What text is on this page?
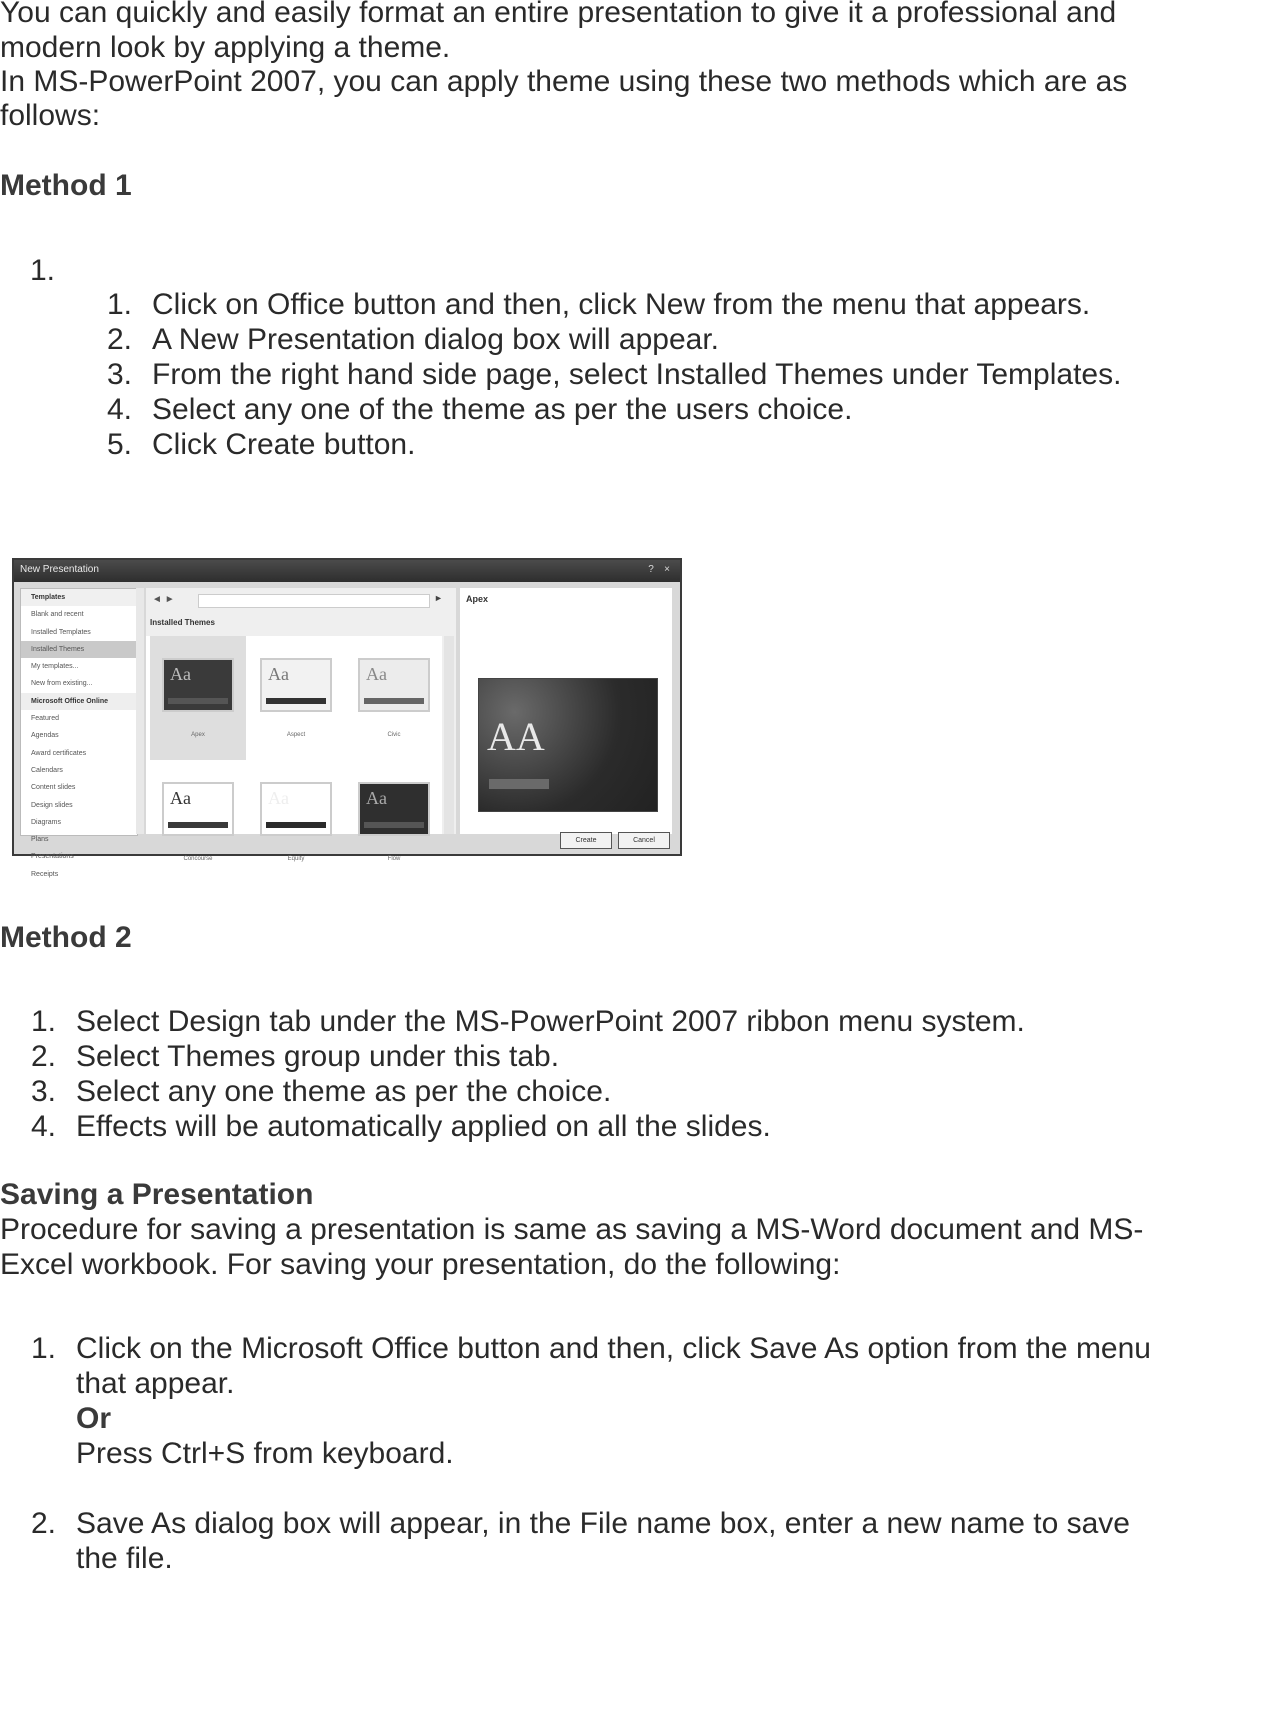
You can quickly and easily format an entire presentation to give it a professional and

modern look by applying a theme.

In MS-PowerPoint 2007, you can apply theme using these two methods which are as

follows:

Method 1

1.

1. Click on Office button and then, click New from the menu that appears.
2. A New Presentation dialog box will appear.
3. From the right hand side page, select Installed Themes under Templates.
4. Select any one of the theme as per the users choice.
5. Click Create button.
New Presentation	?	×
Templates
Blank and recent
Installed Templates
Installed Themes
My templates...
New from existing...
Microsoft Office Online
Featured
Agendas
Award certificates
Calendars
Content slides
Design slides
Diagrams
Plans
Presentations
Receipts
◄ ►	►
Installed Themes
Aa
Apex
Aa
Aspect
Aa
Civic
Aa
Concourse
Aa
Equity
Aa
Flow
Apex
AA
Create	Cancel

Method 2

1. Select Design tab under the MS-PowerPoint 2007 ribbon menu system.
2. Select Themes group under this tab.
3. Select any one theme as per the choice.
4. Effects will be automatically applied on all the slides.

Saving a Presentation

Procedure for saving a presentation is same as saving a MS-Word document and MS-

Excel workbook. For saving your presentation, do the following:

1. Click on the Microsoft Office button and then, click Save As option from the menu

that appear.

Or

Press Ctrl+S from keyboard.

2. Save As dialog box will appear, in the File name box, enter a new name to save

the file.
